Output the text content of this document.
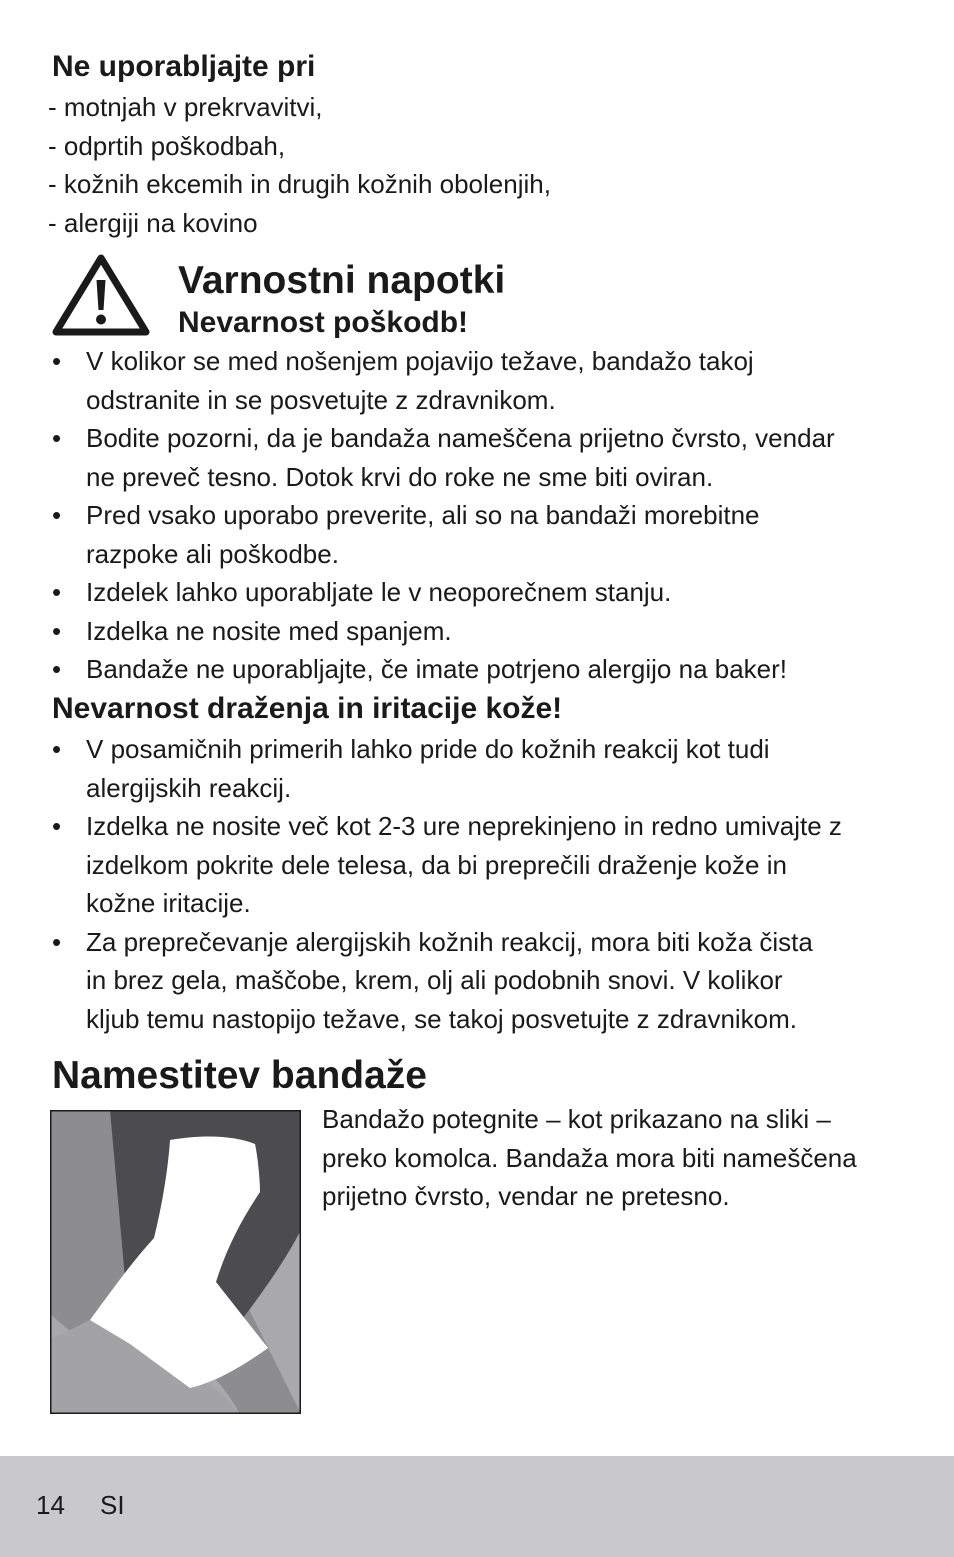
Ne uporabljajte pri
- motnjah v prekrvavitvi,
- odprtih poškodbah,
- kožnih ekcemih in drugih kožnih obolenjih,
- alergiji na kovino
Varnostni napotki
Nevarnost poškodb!
• V kolikor se med nošenjem pojavijo težave, bandažo takoj
odstranite in se posvetujte z zdravnikom.
• Bodite pozorni, da je bandaža nameščena prijetno čvrsto, vendar
ne preveč tesno. Dotok krvi do roke ne sme biti oviran.
• Pred vsako uporabo preverite, ali so na bandaži morebitne
razpoke ali poškodbe.
• Izdelek lahko uporabljate le v neoporečnem stanju.
• Izdelka ne nosite med spanjem.
• Bandaže ne uporabljajte, če imate potrjeno alergijo na baker!
Nevarnost draženja in iritacije kože!
• V posamičnih primerih lahko pride do kožnih reakcij kot tudi
alergijskih reakcij.
• Izdelka ne nosite več kot 2-3 ure neprekinjeno in redno umivajte z
izdelkom pokrite dele telesa, da bi preprečili draženje kože in
kožne iritacije.
• Za preprečevanje alergijskih kožnih reakcij, mora biti koža čista
in brez gela, maščobe, krem, olj ali podobnih snovi. V kolikor
kljub temu nastopijo težave, se takoj posvetujte z zdravnikom.
Namestitev bandaže

Bandažo potegnite – kot prikazano na sliki –
preko komolca. Bandaža mora biti nameščena
prijetno čvrsto, vendar ne pretesno.

14 SI
